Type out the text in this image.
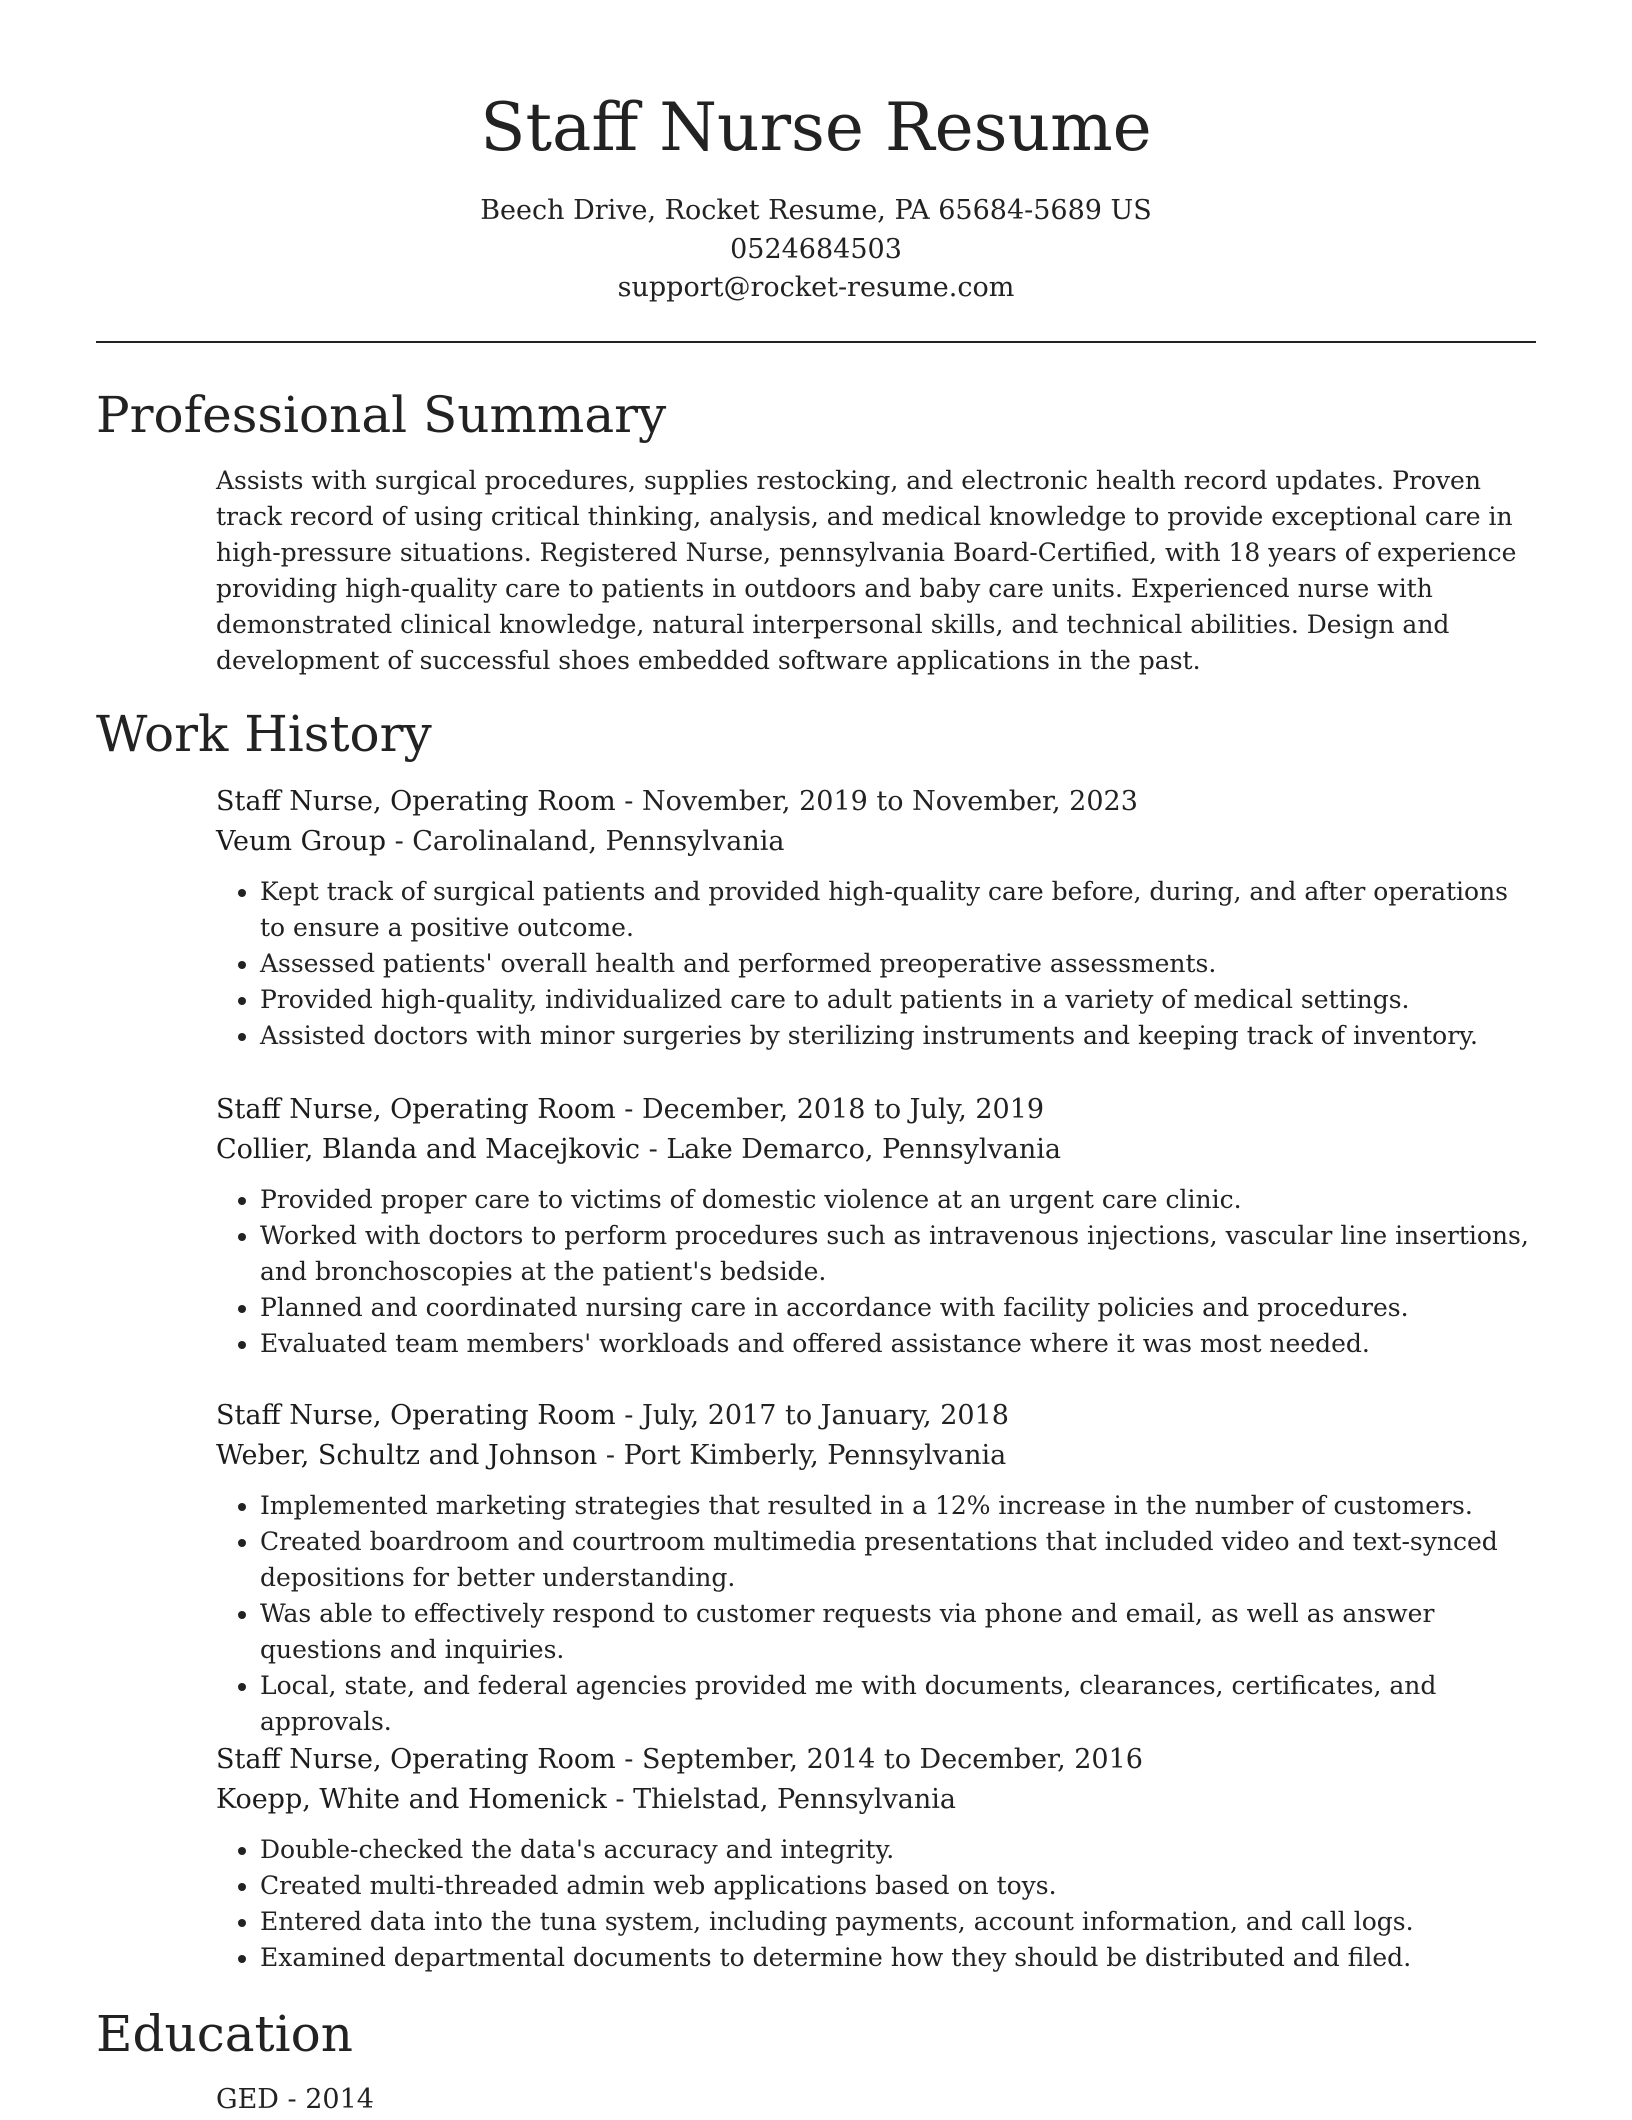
Staff Nurse Resume
Beech Drive, Rocket Resume, PA 65684-5689 US
0524684503
support@rocket-resume.com
Professional Summary

Assists with surgical procedures, supplies restocking, and electronic health record updates. Proven track record of using critical thinking, analysis, and medical knowledge to provide exceptional care in high-pressure situations. Registered Nurse, pennsylvania Board-Certified, with 18 years of experience providing high-quality care to patients in outdoors and baby care units. Experienced nurse with demonstrated clinical knowledge, natural interpersonal skills, and technical abilities. Design and development of successful shoes embedded software applications in the past.

Work History
Staff Nurse, Operating Room - November, 2019 to November, 2023
Veum Group - Carolinaland, Pennsylvania
• Kept track of surgical patients and provided high-quality care before, during, and after operations to ensure a positive outcome.
• Assessed patients' overall health and performed preoperative assessments.
• Provided high-quality, individualized care to adult patients in a variety of medical settings.
• Assisted doctors with minor surgeries by sterilizing instruments and keeping track of inventory.
Staff Nurse, Operating Room - December, 2018 to July, 2019
Collier, Blanda and Macejkovic - Lake Demarco, Pennsylvania
• Provided proper care to victims of domestic violence at an urgent care clinic.
• Worked with doctors to perform procedures such as intravenous injections, vascular line insertions, and bronchoscopies at the patient's bedside.
• Planned and coordinated nursing care in accordance with facility policies and procedures.
• Evaluated team members' workloads and offered assistance where it was most needed.
Staff Nurse, Operating Room - July, 2017 to January, 2018
Weber, Schultz and Johnson - Port Kimberly, Pennsylvania
• Implemented marketing strategies that resulted in a 12% increase in the number of customers.
• Created boardroom and courtroom multimedia presentations that included video and text-synced depositions for better understanding.
• Was able to effectively respond to customer requests via phone and email, as well as answer questions and inquiries.
• Local, state, and federal agencies provided me with documents, clearances, certificates, and approvals.
Staff Nurse, Operating Room - September, 2014 to December, 2016
Koepp, White and Homenick - Thielstad, Pennsylvania
• Double-checked the data's accuracy and integrity.
• Created multi-threaded admin web applications based on toys.
• Entered data into the tuna system, including payments, account information, and call logs.
• Examined departmental documents to determine how they should be distributed and filed.
Education
GED - 2014
